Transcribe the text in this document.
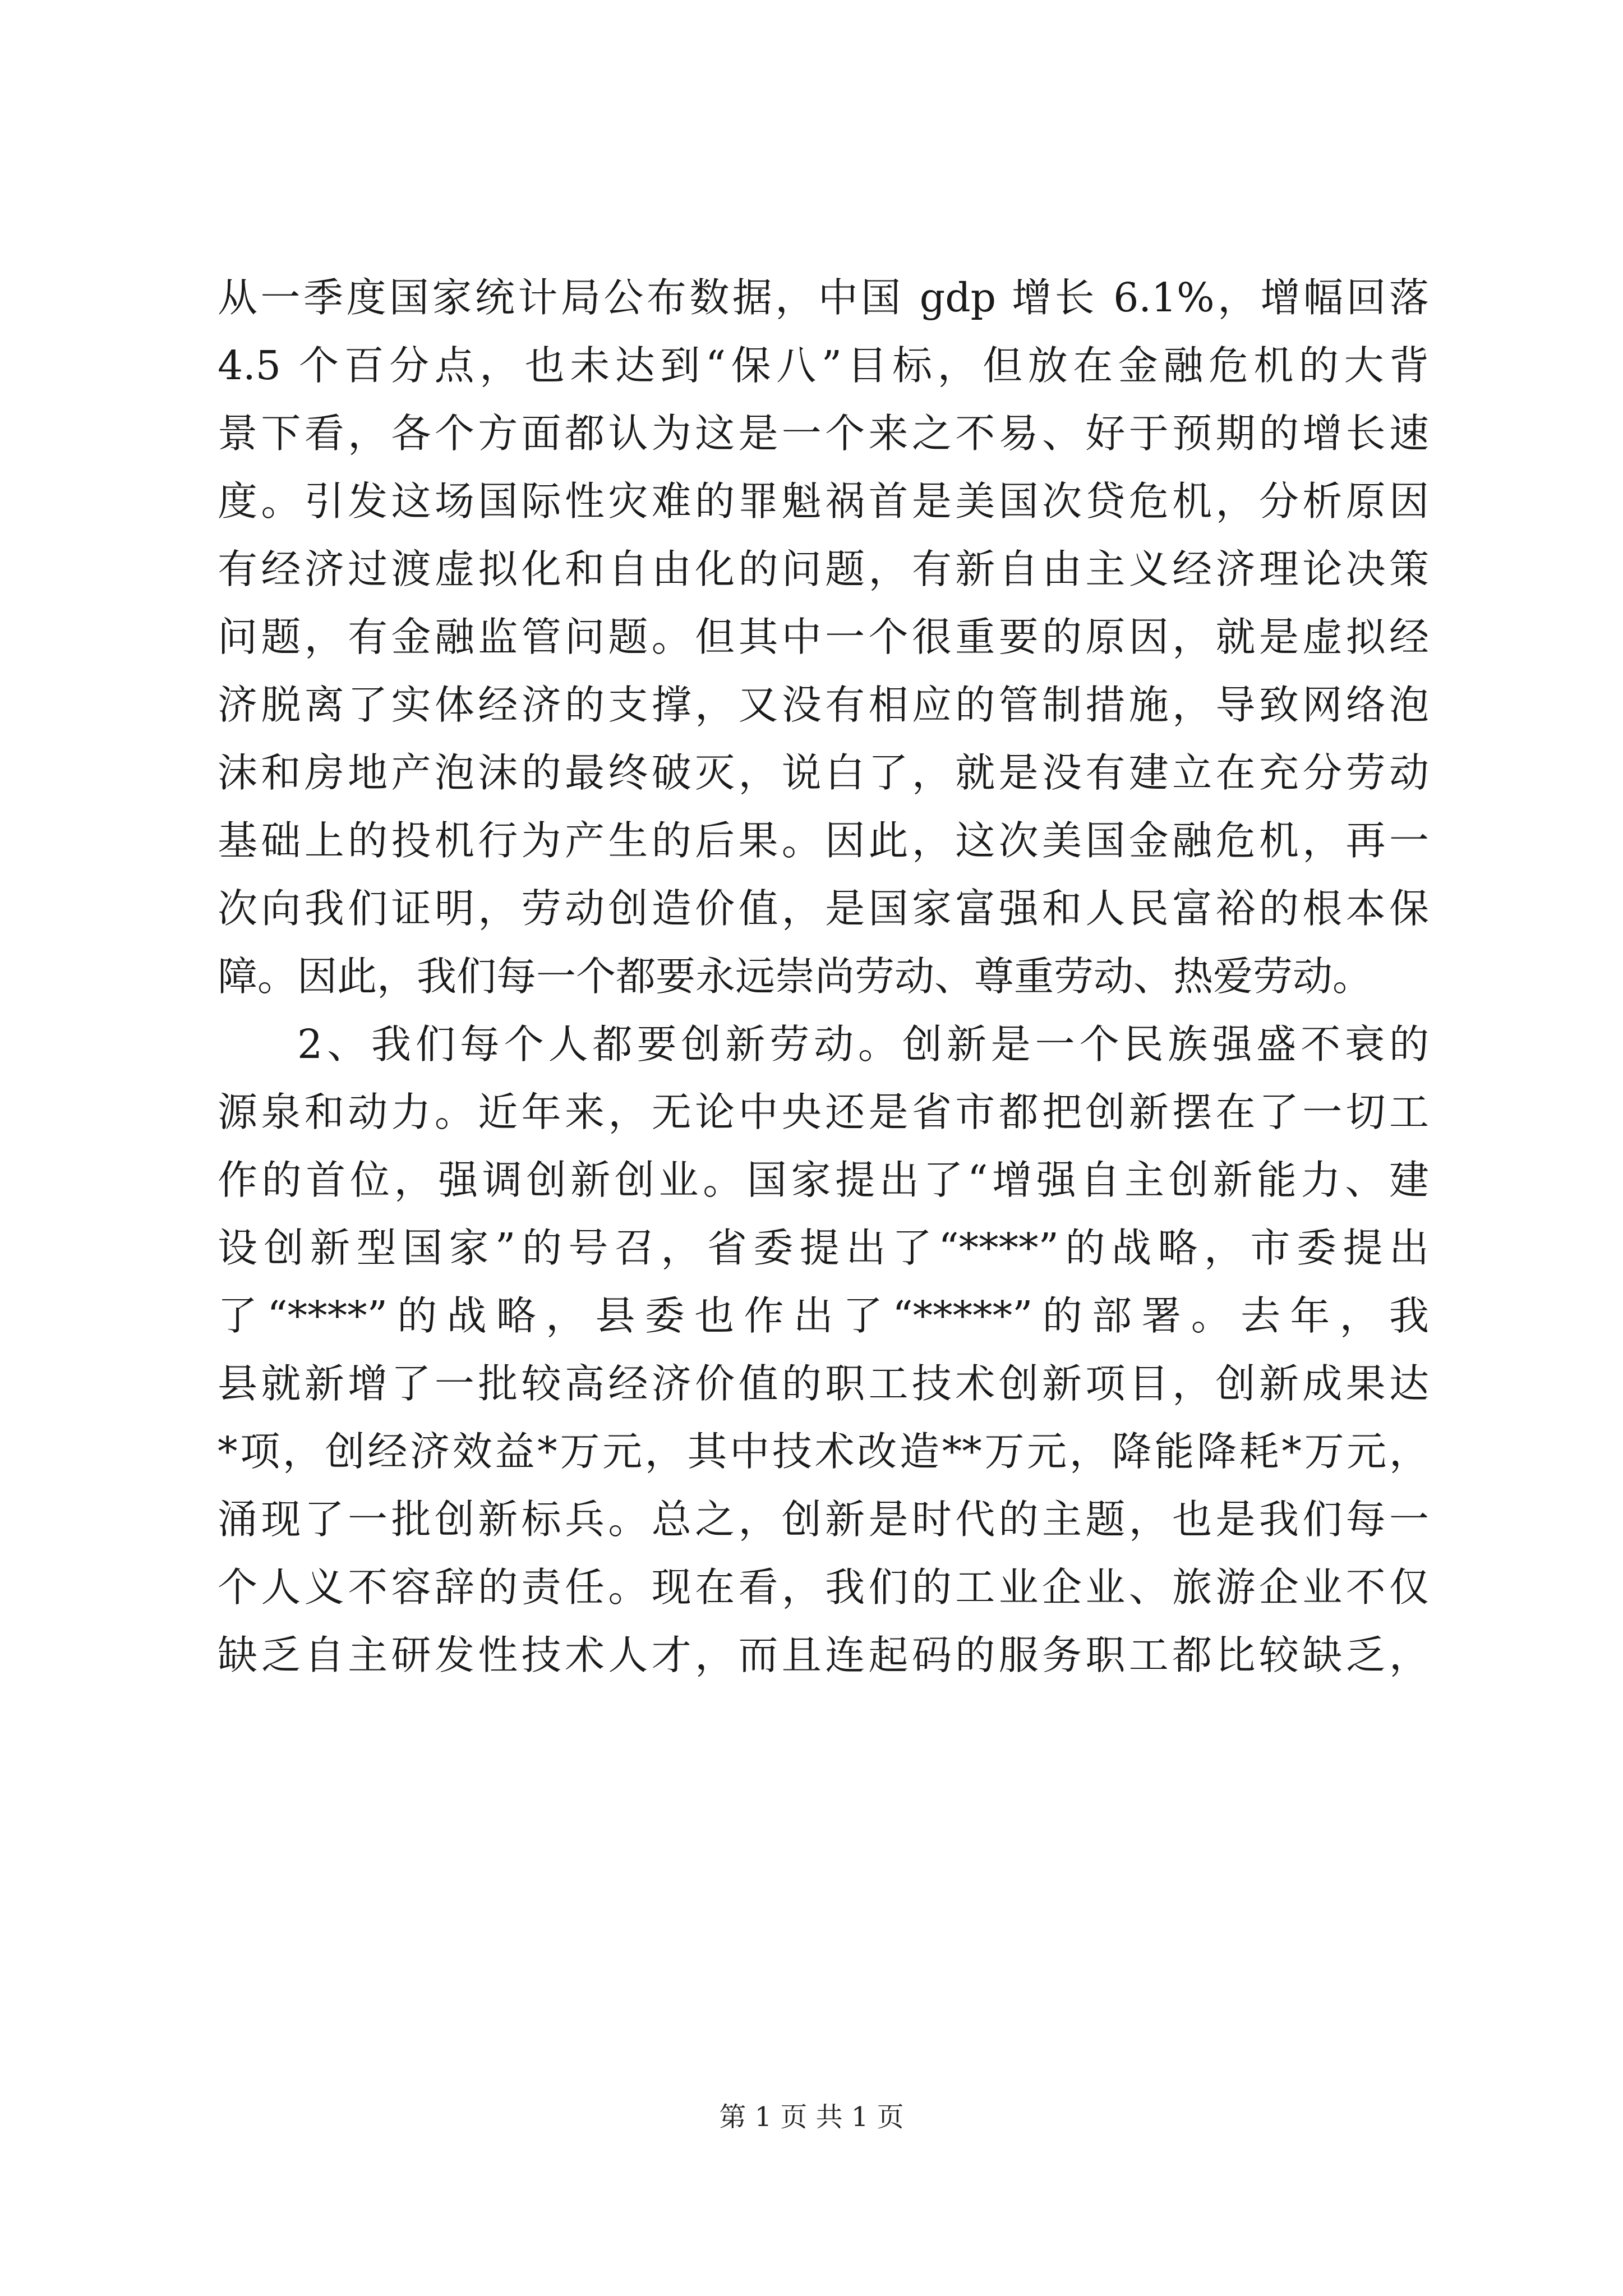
从一季度国家统计局公布数据，中国 gdp 增长 6.1%，增幅回落
4.5 个百分点，也未达到“保八”目标，但放在金融危机的大背
景下看，各个方面都认为这是一个来之不易、好于预期的增长速
度。引发这场国际性灾难的罪魁祸首是美国次贷危机，分析原因
有经济过渡虚拟化和自由化的问题，有新自由主义经济理论决策
问题，有金融监管问题。但其中一个很重要的原因，就是虚拟经
济脱离了实体经济的支撑，又没有相应的管制措施，导致网络泡
沫和房地产泡沫的最终破灭，说白了，就是没有建立在充分劳动
基础上的投机行为产生的后果。因此，这次美国金融危机，再一
次向我们证明，劳动创造价值，是国家富强和人民富裕的根本保
障。因此，我们每一个都要永远崇尚劳动、尊重劳动、热爱劳动。
2、我们每个人都要创新劳动。创新是一个民族强盛不衰的
源泉和动力。近年来，无论中央还是省市都把创新摆在了一切工
作的首位，强调创新创业。国家提出了“增强自主创新能力、建
设创新型国家”的号召，省委提出了“****”的战略，市委提出
了“****”的战略，县委也作出了“*****”的部署。去年，我
县就新增了一批较高经济价值的职工技术创新项目，创新成果达
*项，创经济效益*万元，其中技术改造**万元，降能降耗*万元，
涌现了一批创新标兵。总之，创新是时代的主题，也是我们每一
个人义不容辞的责任。现在看，我们的工业企业、旅游企业不仅
缺乏自主研发性技术人才，而且连起码的服务职工都比较缺乏，
第 1 页 共 1 页
